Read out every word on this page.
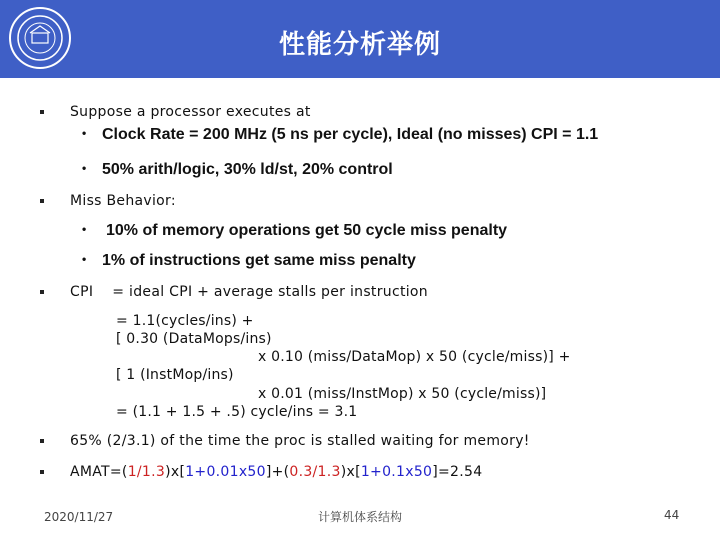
性能分析举例
Suppose a processor executes at
• Clock Rate = 200 MHz (5 ns per cycle), Ideal (no misses) CPI = 1.1
• 50% arith/logic, 30% ld/st, 20% control
Miss Behavior:
• 10% of memory operations get 50 cycle miss penalty
• 1% of instructions get same miss penalty
CPI    = ideal CPI + average stalls per instruction
= 1.1(cycles/ins) +
[ 0.30 (DataMops/ins)
x 0.10 (miss/DataMop) x 50 (cycle/miss)] +
[ 1 (InstMop/ins)
x 0.01 (miss/InstMop) x 50 (cycle/miss)]
= (1.1 + 1.5 + .5) cycle/ins = 3.1
65% (2/3.1) of the time the proc is stalled waiting for memory!
AMAT=(1/1.3)x[1+0.01x50]+(0.3/1.3)x[1+0.1x50]=2.54
2020/11/27	计算机体系结构	44
